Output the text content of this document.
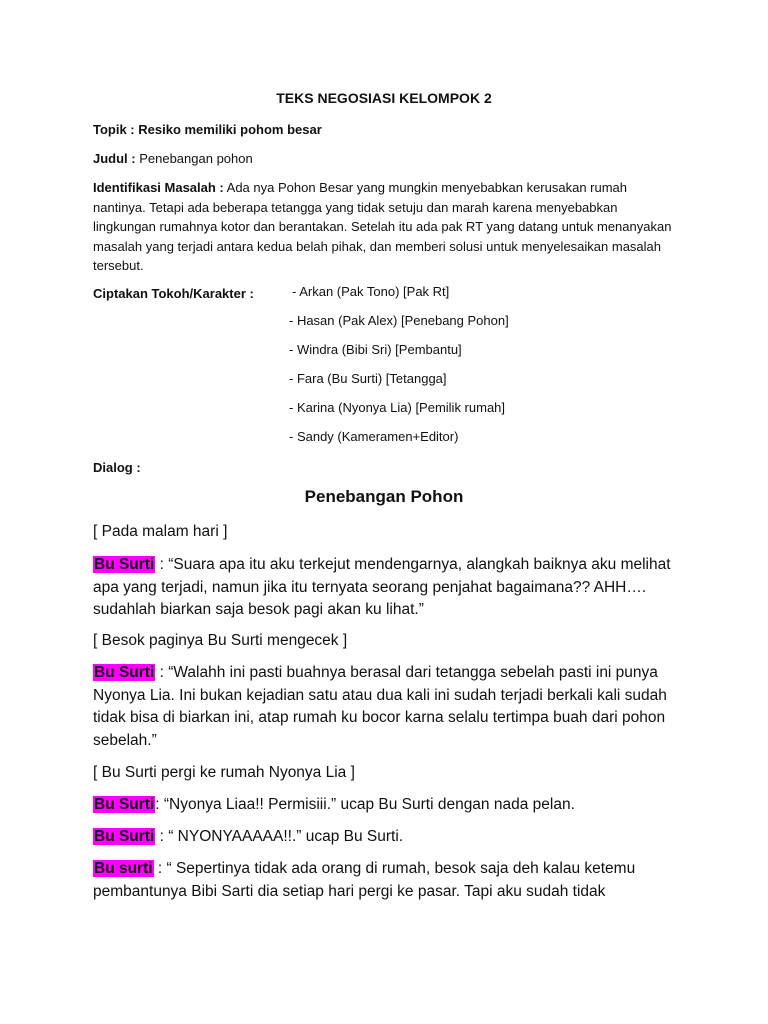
TEKS NEGOSIASI KELOMPOK 2
Topik : Resiko memiliki pohom besar
Judul : Penebangan pohon
Identifikasi Masalah : Ada nya Pohon Besar yang mungkin menyebabkan kerusakan rumah nantinya. Tetapi ada beberapa tetangga yang tidak setuju dan marah karena menyebabkan lingkungan rumahnya kotor dan berantakan. Setelah itu ada pak RT yang datang untuk menanyakan masalah yang terjadi antara kedua belah pihak, dan memberi solusi untuk menyelesaikan masalah tersebut.
Ciptakan Tokoh/Karakter :	- Arkan (Pak Tono) [Pak Rt]
- Hasan (Pak Alex) [Penebang Pohon]
- Windra (Bibi Sri) [Pembantu]
- Fara (Bu Surti) [Tetangga]
- Karina (Nyonya Lia) [Pemilik rumah]
- Sandy (Kameramen+Editor)
Dialog :
Penebangan Pohon
[ Pada malam hari ]
Bu Surti : “Suara apa itu aku terkejut mendengarnya, alangkah baiknya aku melihat apa yang terjadi, namun jika itu ternyata seorang penjahat bagaimana?? AHH…. sudahlah biarkan saja besok pagi akan ku lihat.”
[ Besok paginya Bu Surti mengecek ]
Bu Surti : “Walahh ini pasti buahnya berasal dari tetangga sebelah pasti ini punya Nyonya Lia. Ini bukan kejadian satu atau dua kali ini sudah terjadi berkali kali sudah tidak bisa di biarkan ini, atap rumah ku bocor karna selalu tertimpa buah dari pohon sebelah.”
[ Bu Surti pergi ke rumah Nyonya Lia ]
Bu Surti: “Nyonya Liaa!! Permisiii.” ucap Bu Surti dengan nada pelan.
Bu Surti : “ NYONYAAAAA!!.” ucap Bu Surti.
Bu surti : “ Sepertinya tidak ada orang di rumah, besok saja deh kalau ketemu pembantunya Bibi Sarti dia setiap hari pergi ke pasar. Tapi aku sudah tidak
